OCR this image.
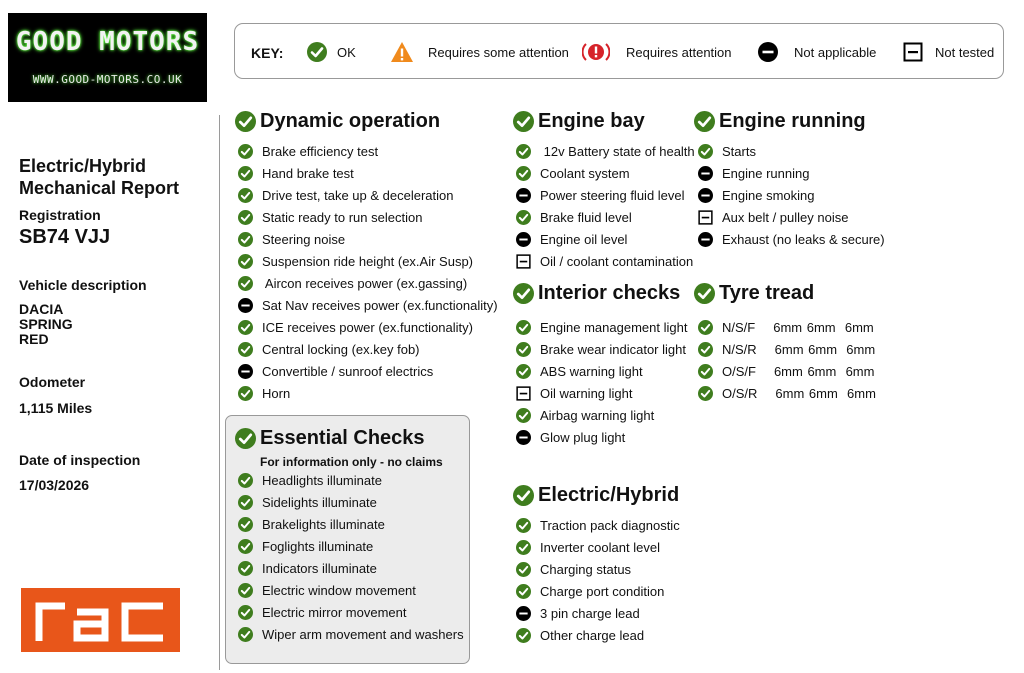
GOOD MOTORS
WWW.GOOD-MOTORS.CO.UK
KEY:	OK	Requires some attention	Requires attention	Not applicable	Not tested
Electric/Hybrid
Mechanical Report
Registration
SB74 VJJ
Vehicle description
DACIA
SPRING
RED
Odometer
1,115 Miles
Date of inspection
17/03/2026
Dynamic operation	Engine bay	Engine running
Interior checks Tyre tread
Essential Checks
For information only - no claims
Electric/Hybrid
Brake efficiency test
Hand brake test
Drive test, take up & deceleration
Static ready to run selection
Steering noise
Suspension ride height (ex.Air Susp)
Aircon receives power (ex.gassing)
Sat Nav receives power (ex.functionality)
ICE receives power (ex.functionality)
Central locking (ex.key fob)
Convertible / sunroof electrics
Horn
Headlights illuminate
Sidelights illuminate
Brakelights illuminate
Foglights illuminate
Indicators illuminate
Electric window movement
Electric mirror movement
Wiper arm movement and washers
12v Battery state of health
Coolant system
Power steering fluid level
Brake fluid level
Engine oil level
Oil / coolant contamination
Engine management light
Brake wear indicator light
ABS warning light
Oil warning light
Airbag warning light
Glow plug light
Traction pack diagnostic
Inverter coolant level
Charging status
Charge port condition
3 pin charge lead
Other charge lead
Starts
Engine running
Engine smoking
Aux belt / pulley noise
Exhaust (no leaks & secure)
N/S/F 6mm 6mm  6mm
N/S/R 6mm 6mm  6mm
O/S/F 6mm 6mm  6mm
O/S/R 6mm 6mm  6mm
